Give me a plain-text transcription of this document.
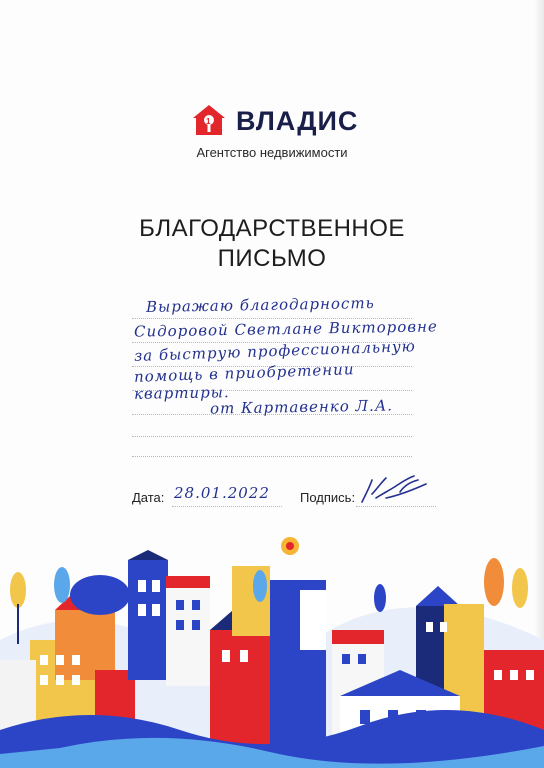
1 ВЛАДИС
Агентство недвижимости
БЛАГОДАРСТВЕННОЕ
ПИСЬМО
Выражаю благодарность
Сидоровой Светлане Викторовне
за быструю профессиональную
помощь в приобретении
квартиры.
от Картавенко Л.А.
Дата: 28.01.2022 Подпись:
